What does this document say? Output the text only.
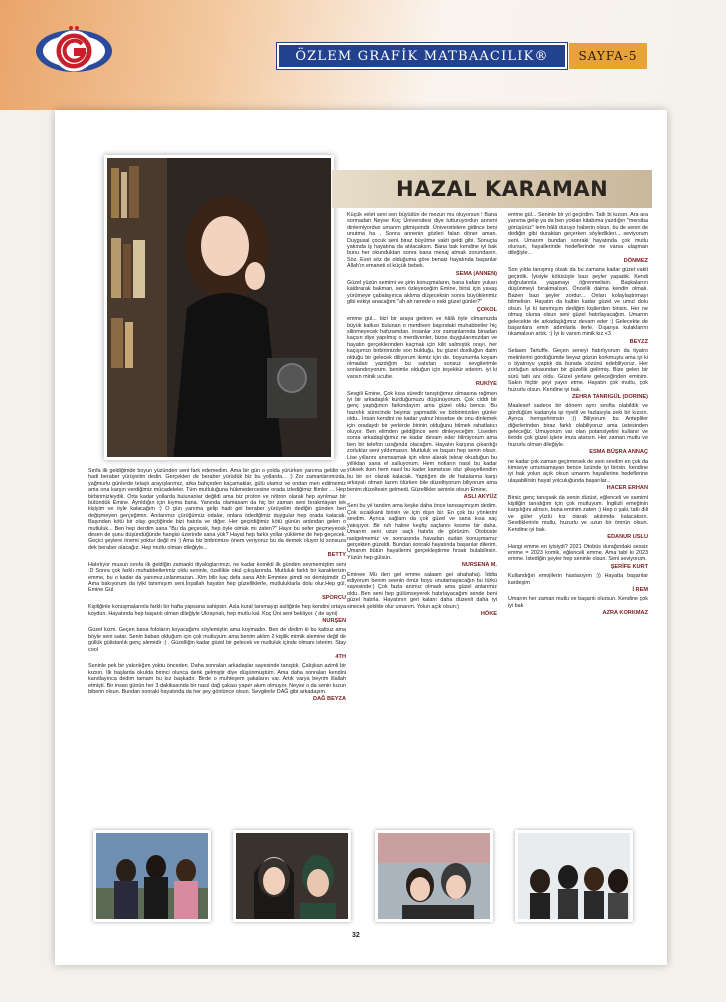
ÖZLEM GRAFİK MATBAACILIK®	SAYFA-5
HAZAL KARAMAN

Sınfa ilk geldiğimde boyun yüzünden seni fark edemedim. Ama bir gün o yolda yürürken yanıma geldin ve hadi beraber yürüyelim dedin. Gerçekten de beraber yürüdük biz bu yollarda... :) Zor zamanlarımızda, yağmurlu günlerde telaşlı arayışlarımız, arka bahçeden kaçamaklar, gülü ulamız ve ondan men edilmemiz ama ona karşın verdiğimiz mücadeleler. Tüm mutluluğuna hükmedercesine orada izlediğimiz filmler ... Hep birbirimizleydik. Orta kadar yollarda bulunanlar değildi ama biz proton ve nötron olarak hep ayrılmaz bir bütündük Emine. Ayrıldığın için kıyma bana. Yanında olamasam da hiç bir zaman seni bırakmayan tek kişiyim ve öyle kalacağım :) O gün yanıma gelip hadi gel beraber yürüyelim dediğin günden beri değişmeyen gerçeğimin. Anılarımız çürüğümüz odalar, onlara ödediğimiz duygular hep orada kalacak. Başından kötü bir olay geçtiğinde bizi hatırla ve diğer. Her geçirdiğimiz kötü günün ardından gelen o mutluluk... Ben hep derdim sana "Bu da geçecek, hep öyle olmak mı zaten?" Hayır bu sefer geçmeyecek desen de şunu düşündüğünde hangisi üzerinde sana yük? Hayat hep farklı yollar yükleme de hep geçecek. Geçici şeylere önemi yoktur değil mi :) Ama biz birbirimize önem veriyoruz bu da demek oluyor ki sonsuza dek beraber olacağız. Hep mutlu olman dileğiyle...

BETTY

Hatırlıyor musun sınıfa ilk geldiğin zamanki diyaloglarımızı, ne kadar komikti ilk günden sevmemiştim seni :D Sonra çok farklı muhabbetlerimiz oldu seninle, özellikle okul çıkışlarında. Mutluluk farklı bir karakterizin emme, bu o kadar da yanımız,uslanmazan...Kim bilir kaç defa sana Ahh Emmiee şimdi ne demişimdir :D Ama bakıyorum da iyiki tanımışım seni.İnşallah hayatın hep güzelliklerle, mutluluklarla dolu olur.Hep gül, Emine Gül

SPORCU

Kişiliğinle konuşmalarınla farklı bir hafta yapsana sahipsin. Asla kural tanımayıp asiliğinle hep kendini ortaya koydun. Hayatında hep başarılı olman dileğiyle Ukraynalı, hep mutlu kal. Koç Üni seni bekliyor. ( de ayni)

NURŞEN

Güzel kızm. Geçen bana fotoların koyacağımı söylemiştin ama koymadın. Ben de dedim ki bu kaltsız ama böyle seni satar. Senin baban olduğum için çok mutluyum ama benim aklım 2 kişilik mimik alemine değil de güllük gülistanlık genç alemidir :) . Güzelliğin kadar güzel bir gelecek ve mutluluk içinde olmanı isterim. Stay cool

4TH

Seninle pek bir yakınlığım yoktu önceden. Daha sonraları arkadaşlar sayesinde tanıştık. Çalışkan azimli bir kızsın. İlk başlarda okulda birinci olunca denk gelmiştir diye düşünmüştüm. Ama daha sonraları kendini kanıtlayınca dedim tamam bu kız başkadır. Birde o muhteşem şakaların var. Artık varya beyrim illallah etmişti. Bir insan günün her 3 dakikasında bir nasıl dağ çakası yaper akım olmuyor. Neyse o da senin tuzun biberin olsun. Bundan sonraki hayatında da her şey gönlünce olsun. Sevgilerle DAĞ gibi arkadaşım.

DAĞ BEYZA

Küçük velet seni sen büyüdün de mezun mu oluyorsun ! Bana sormadan Neyse Koç Üniversitesi diye tutturuyordun anneni dinlemiyordun umarım gitmişsindir. Üniversitelere gidince beni unutma ha . Sonra annenin gözleri falan döner aman. Duygusal çocuk seni biraz büyütme vakti geldi gibi. Sonuçta yakında iş hayatına da atılacaksın. Bana bak kendine iyi bak bunu her okunduktan sonra bana mesaj atmak zorundasın. Söz. Evet söz de olduğuma göre benaiz hayatında başarılar Allah'ın emaneti ol küçük bebek.

SEMA (ANNEN)

Güzel yüzün semimi ve şirin konuşmaların, bana kafanı yukarı kaldırarak bakman, seni özleyeceğim Emine, birisi için yavaş yürümeye çabalayınca aklıma düşeceksin sonra büyüklerimiz gibi eskiyi anacağım "ah ah nerede o eski güzel günler?"

ÇOKOL

emme gül... bizi bir araya getiren ve hâlâ öyle olmamızda büyük katkısı bulunan o merdiven başındaki muhabbetler hiç silinmeyecek hafızamdan. insanlar zor zamanlarında binadan kaçsın diye yapılmış o merdivenler, bizse duygularımızdan ve hayatın gerçeklerinden kaçmak için kilit salmıştık orayı. her kaçışımızı birbirimizde son bulduğu, bu güzel dostluğun daim olduğu bir gelecek diliyorum ikimiz için de. boyunumla koyam olmadan yazdığım bu satırları sonsuz sevgilerimle sonlandırıyorum. benimle olduğun için teşekkür ederim. iyi ki varsın minik ucube.

RUKİYE

Sevgili Emine, Çok kısa süredir tanıştığımız olmasına rağmen iyi bir arkadaşlık kurduğumuzu düşünüyorum. Çok ciddi bir genç yaştığımın farkındayım ama güzel oldu bence. Bu hazırlık sürecinde beyinsi yapmadık ve birbirimizden günler oldu.. İnsan kendini ne kadar yalnız hissetse de onu dinlemek için oradaydı bir yerlerde birinin olduğunu bilmek rahatlatıcı oluyor. Ben elimden geldiğince seni dinleyeceğim. Liseden sonra arkadaşlığımız ne kadar devam eder bilmiyorum ama ben bir telefon uzağında olacağım. Hayatın karşına çıkardığı zorluklar seni yıldırmasın. Mutluluk ve başarı hep senin olsun. Lise yıllarını anımsamak için eline alarak tekrar okuduğun bu yıllıktan sana el salluyorum. Hem notların nasıl bu kadar yüksek iken hem nasıl bu kader kametsse olur şikayetlendim bu bir sır olarak kalacak. Yaptığım de de hatalarına karşı arkayalı olman lazım ölürken bile düzeltiyorum biliyorum ama benim düzeltesin gelmedi. Güzellikler seninle olsun Emine.

ASLI AKYÜZ

Seni bu yıl tandım ama keşke daha önce tanısaymışım dedim. Çok sıcakkanlı birisin ve için dışın bir. En çok bu yönlerini sevdim. Ayrıca sağlam da çok güzel ve sana kısa saç yakışıyor. Bir ruh haline keşfiş saçlarını kesme bir daha. Umarım seni uzun saçlı hatırla de görürüm. Otobüste rastgelmemiz ve sonrasında havadan sudan konuşmamız gerçekten güzeldi. Bundan sonraki hayatında başarılar dilerim. Umarım bütün hayallerini gerçekleştirme fırsatı bulabilirsin. Yüzün hep gülsün.

NURSENA M.

Eminee Mü den gel emme salaam gel ahahaha). İddia ediyorum benim seenin ömür boyu unutamayacağın bu türkü sayesinde:) Çok fazla anımız olmadı ama güzel anlarımız oldu. Ben seni hep gülümseyerek hatırlayacağım sende beni güzel hatırla. Hayatının geri kalanı daha düzenli daha iyi sinecek şekilde olur umarım. Yolun açık olsun:)

HÖKE

emme gül... Seninle bir yıl geçirdim. Tatlı bi kızsın. Ara ara yanıma gelip ya da ben yoklan kitabıma yazdığın "mersiba görüşürüz" lerin hâlâ duruyo haberin olsun. bu de senin de dediğin gibi duraktan geçerken söyledikleri... seviyorum seni. Umarım bundan sonraki hayatında çok mutlu olursun, hayallerinde hedeflerinde ne varsa ulaşman dileğiyle...

DÖNMEZ

Son yılda tanışmış olsak da bu zamana kadar güzel vakit geçirdik. İyisiyle kötüsüyle bazı şeyler yaşadık. Kendi doğrularınla yaşamayı öğrenmelisin. Başkalarını düşünmeyi bırakmalısın. Öncelik daima kendin olmalı. Bazen bazı şeyler zordur... Onları kolaylaştırmayı bilmelisin. Hayatın da kalbin kadar güzel ve umut dolu olsun. İyi ki tanımışım dediğim kişilerden birisin. Her ne olmuş olursa olsun seni güzel hatırlayacağım. Umarım gelecekte de arkadaşlığımız devam eder :) Gelecekte de başarılara emin adımlarla ilerle. Dışarıya kulaklarını tıkamalısın artık. :) İyi ki varsın minik kız <3

BEYZZ

Selaam Tartuffe. Geçen seneyi hatırlıyorum da tiyatro metinlerini gördüğümde beyaz gözün korkmuştu ama iyi ki o tiyatroyu yaptık da burada sözünü edebiliyoruz. Her zorluğun arkasından bir güzellik gelirmiş. Bize gelen bir sürü tatlı anı oldu. Güzel yerlere geleceğinden eminim. Sakın hiçbir şeyi yayın etme. Hayatın çok mutlu, çok huzurlu olsun. Kendine iyi bak.

ZEHRA TANRIGÜL (DORINE)

Maalesef sadece bir dönem aynı sınıfta olabildik ve gördüğüm kadarıyla işi riyetli ve fazlasıyla zeki bir kızsın. Ayrıca hemşehrimsin :)) Biliyorum bu Antepliler diğerlerinden biraz farklı olabiliyoruz ama üstesinden geleceğiz. Umuyorum var olan potansiyelini kullanır ve ileride çok güzel işlere imza atarsın. Her zaman mutlu ve huzurlu olman dileğiyle.

ESMA BÜŞRA ANNAÇ

ne kadar çok zaman geçirmesek de seni sevdim en çok da kimseye umursamayan bence üzünde iyi birisin. kendine iyi bak yolun açık olsun umarım hayallerine hedeflerine ulaşabilirsin hayat yolculuğunda başarılar...

HACER ERHAN

Birsic genç tanışsak da senin dürüst, eğlenceli ve samimi kişiliğin tanıdığım için çok mutluyum. İngilizli emeğinin karşılığını alırsın, buna eminim zaten :) Hep o şaki, tatlı dili ve güler yüzlü kız olarak akılımda kalacaksın. Sevdiklerinle mutlu, huzurlu ve uzun bir ömrün olsun. Kendine iyi bak.

EDANUR USLU

Hangi emme en iyisiydi? 2021 Otobüs durağındaki sessiz emme = 2023 komik, eğlenceli emme. Ama tabi ki 2023 emme. İstediğin şeyler hep seninle olsun. Seni seviyorum.

ŞERİFE KURT

Kullandığın emojilerin hastasıyım :)) Hayatta başarılar kardeşim

İ REM

Umarım her zaman mutlu ve başarılı olursun. Kendine çok iyi bak

AZRA KORKMAZ
32
